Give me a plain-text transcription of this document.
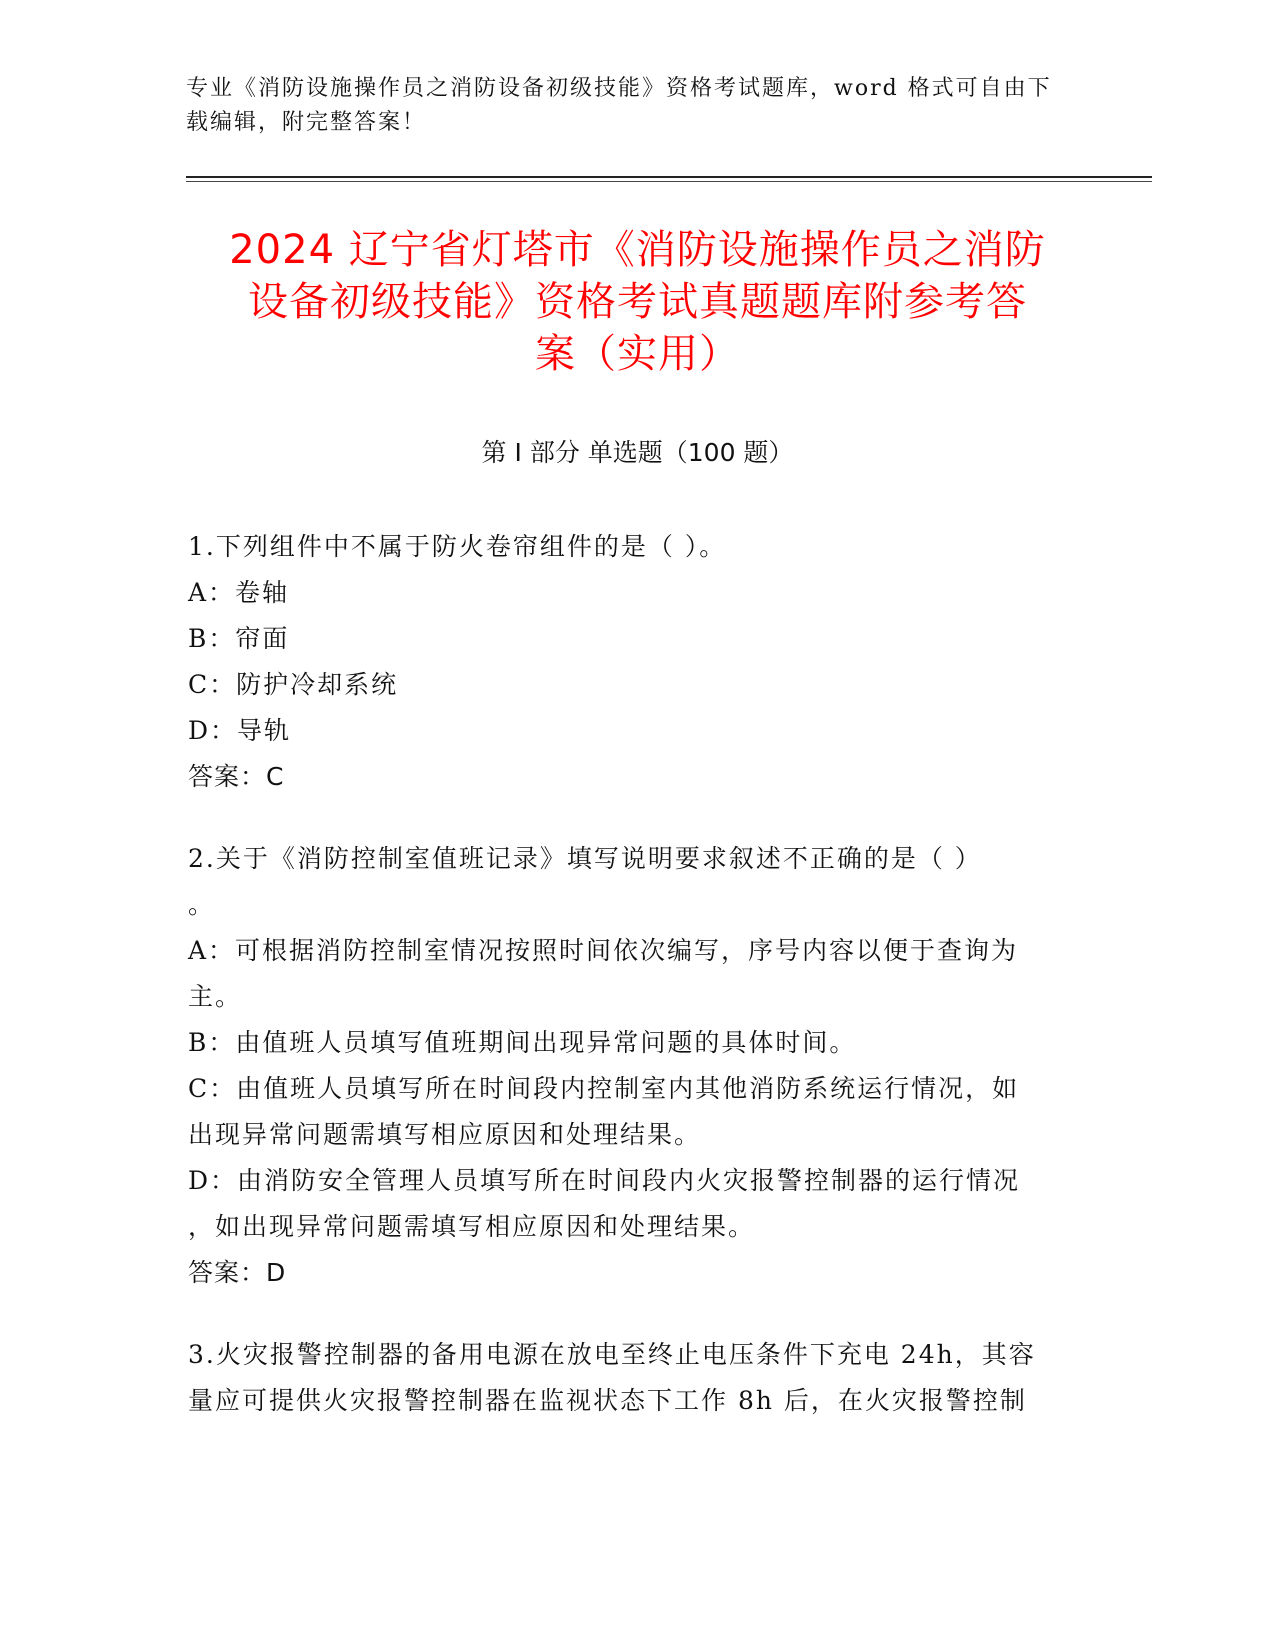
专业《消防设施操作员之消防设备初级技能》资格考试题库，word 格式可自由下
载编辑，附完整答案！
2024 辽宁省灯塔市《消防设施操作员之消防
设备初级技能》资格考试真题题库附参考答
案（实用）
第 I 部分 单选题（100 题）
1.下列组件中不属于防火卷帘组件的是（ ）。
A：卷轴
B：帘面
C：防护冷却系统
D：导轨
答案：C
2.关于《消防控制室值班记录》填写说明要求叙述不正确的是（ ）
。
A：可根据消防控制室情况按照时间依次编写，序号内容以便于查询为
主。
B：由值班人员填写值班期间出现异常问题的具体时间。
C：由值班人员填写所在时间段内控制室内其他消防系统运行情况，如
出现异常问题需填写相应原因和处理结果。
D：由消防安全管理人员填写所在时间段内火灾报警控制器的运行情况
，如出现异常问题需填写相应原因和处理结果。
答案：D
3.火灾报警控制器的备用电源在放电至终止电压条件下充电 24h，其容
量应可提供火灾报警控制器在监视状态下工作 8h 后，在火灾报警控制
